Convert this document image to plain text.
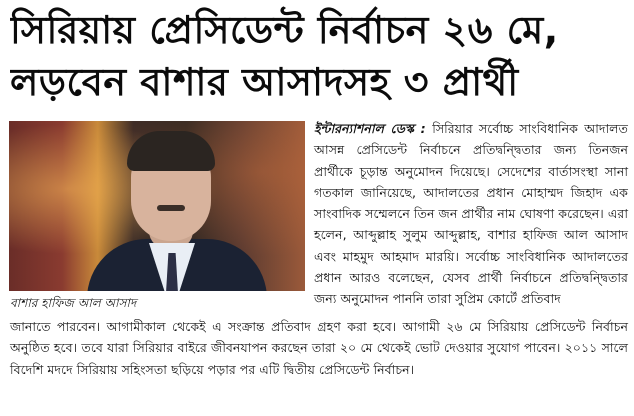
সিরিয়ায় প্রেসিডেন্ট নির্বাচন ২৬ মে,
লড়বেন বাশার আসাদসহ ৩ প্রার্থী
বাশার হাফিজ আল আসাদ
ইন্টারন্যাশনাল ডেস্ক : সিরিয়ার সর্বোচ্চ সাংবিধানিক আদালত আসন্ন প্রেসিডেন্ট নির্বাচনে প্রতিদ্বন্দ্বিতার জন্য তিনজন প্রার্থীকে চূড়ান্ত অনুমোদন দিয়েছে। সেদেশের বার্তাসংস্থা সানা গতকাল জানিয়েছে, আদালতের প্রধান মোহাম্মদ জিহাদ এক সাংবাদিক সম্মেলনে তিন জন প্রার্থীর নাম ঘোষণা করেছেন। এরা হলেন, আব্দুল্লাহ সুলুম আব্দুল্লাহ, বাশার হাফিজ আল আসাদ এবং মাহমুদ আহমাদ মারয়ি। সর্বোচ্চ সাংবিধানিক আদালতের প্রধান আরও বলেছেন, যেসব প্রার্থী নির্বাচনে প্রতিদ্বন্দ্বিতার জন্য অনুমোদন পাননি তারা সুপ্রিম কোর্টে প্রতিবাদ
জানাতে পারবেন। আগামীকাল থেকেই এ সংক্রান্ত প্রতিবাদ গ্রহণ করা হবে। আগামী ২৬ মে সিরিয়ায় প্রেসিডেন্ট নির্বাচন অনুষ্ঠিত হবে। তবে যারা সিরিয়ার বাইরে জীবনযাপন করছেন তারা ২০ মে থেকেই ভোট দেওয়ার সুযোগ পাবেন। ২০১১ সালে বিদেশি মদদে সিরিয়ায় সহিংসতা ছড়িয়ে পড়ার পর এটি দ্বিতীয় প্রেসিডেন্ট নির্বাচন।
